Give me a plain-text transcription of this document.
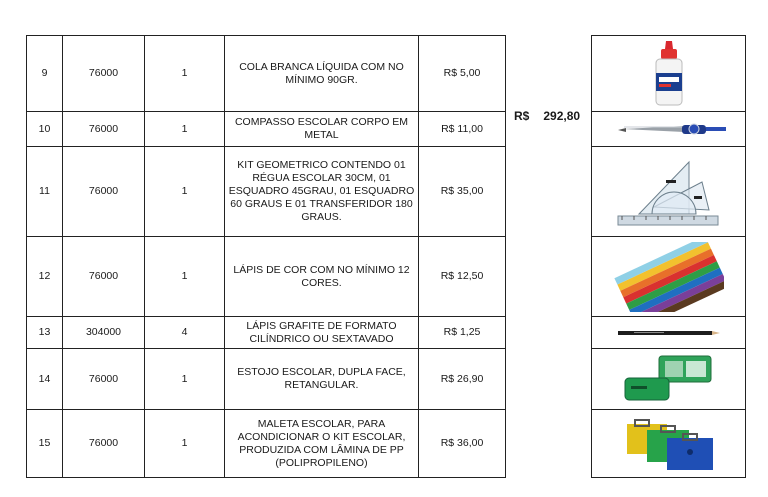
9	76000	1	COLA BRANCA LÍQUIDA COM NO MÍNIMO 90GR.	R$ 5,00
10	76000	1	COMPASSO ESCOLAR CORPO EM METAL	R$ 11,00
11	76000	1	KIT GEOMETRICO CONTENDO 01 RÉGUA ESCOLAR 30CM, 01 ESQUADRO 45GRAU, 01 ESQUADRO 60 GRAUS E 01 TRANSFERIDOR 180 GRAUS.	R$ 35,00
12	76000	1	LÁPIS DE COR COM NO MÍNIMO 12 CORES.	R$ 12,50
13	304000	4	LÁPIS GRAFITE DE FORMATO CILÍNDRICO OU SEXTAVADO	R$ 1,25
14	76000	1	ESTOJO ESCOLAR, DUPLA FACE, RETANGULAR.	R$ 26,90
15	76000	1	MALETA ESCOLAR, PARA ACONDICIONAR O KIT ESCOLAR, PRODUZIDA COM LÂMINA DE PP (POLIPROPILENO)	R$ 36,00
R$ 292,80
